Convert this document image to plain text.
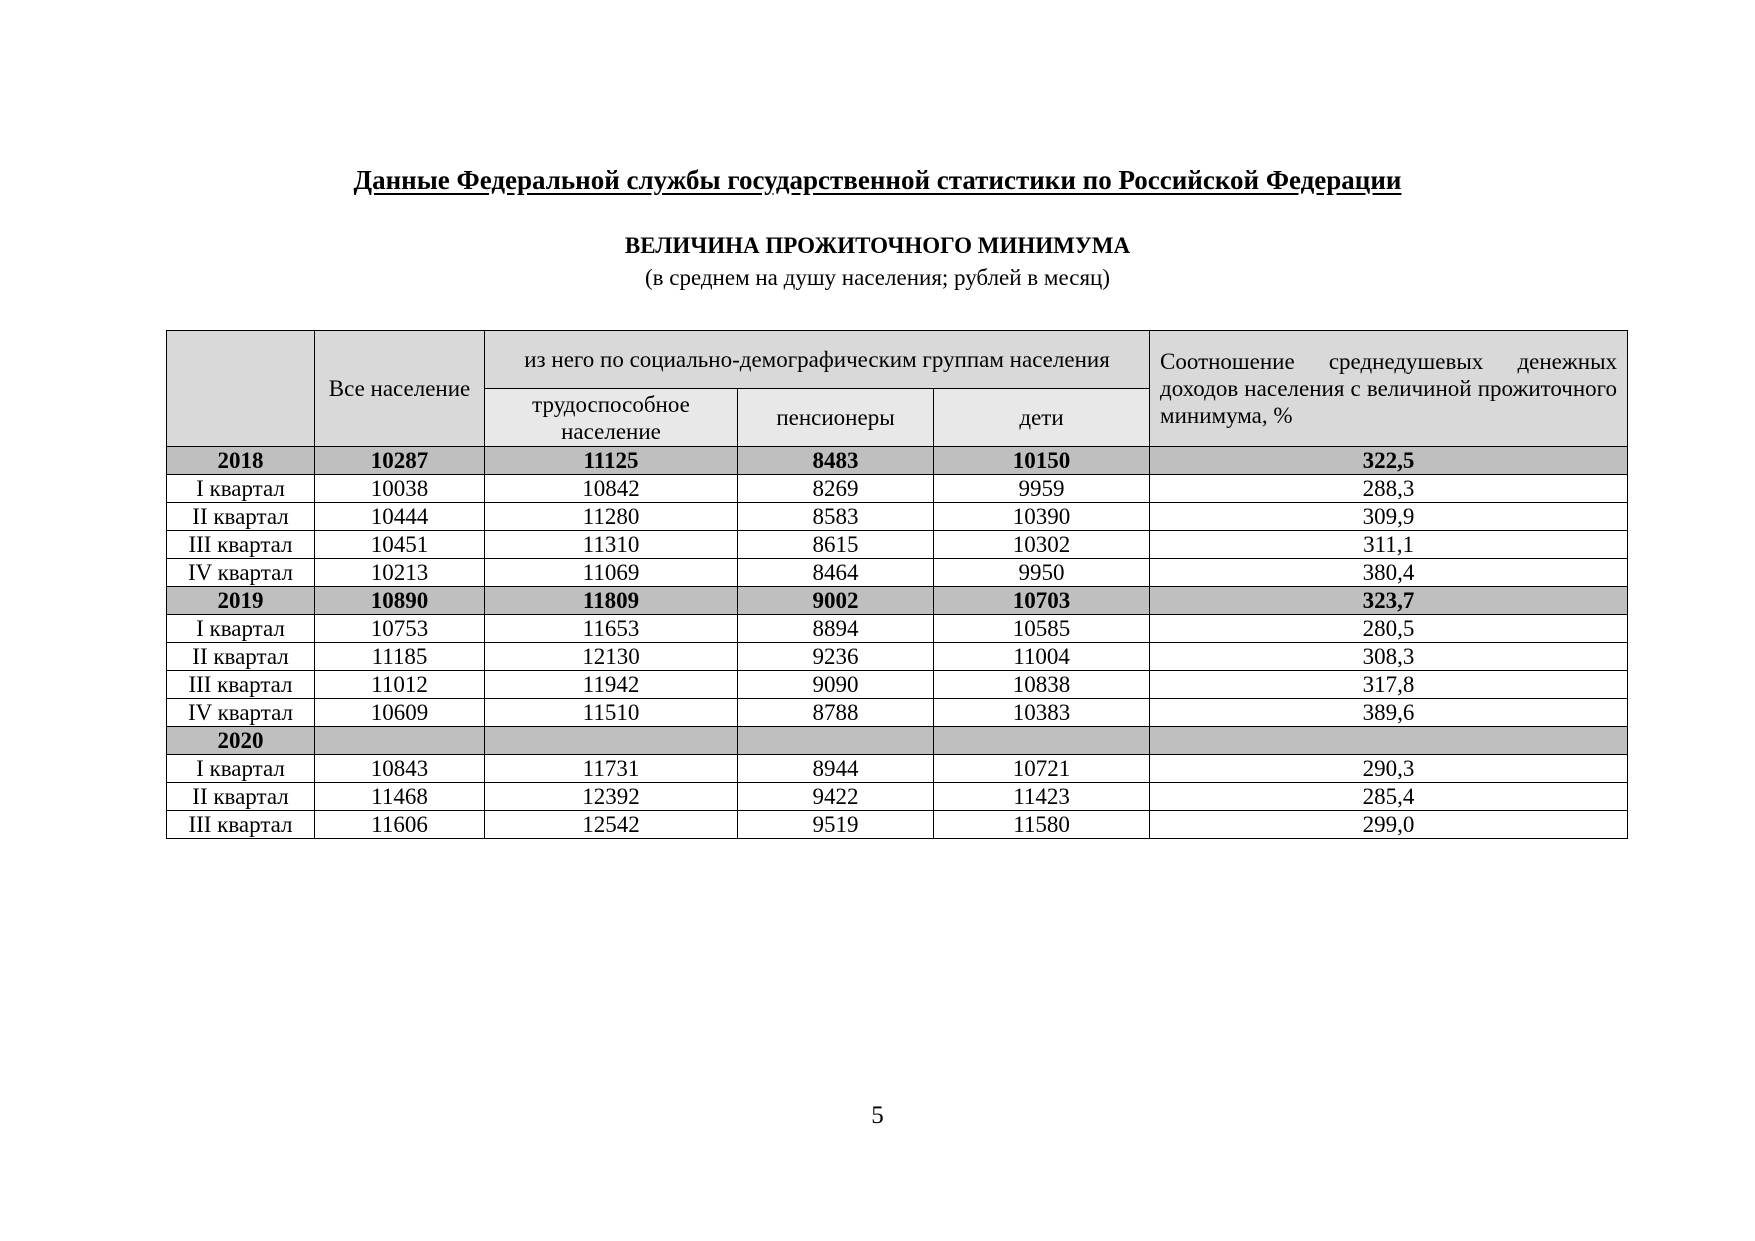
Данные Федеральной службы государственной статистики по Российской Федерации
ВЕЛИЧИНА ПРОЖИТОЧНОГО МИНИМУМА
(в среднем на душу населения; рублей в месяц)
	Все население	из него по социально-демографическим группам населения			Соотношение среднедушевых денежных доходов населения с величиной прожиточного минимума, %
		трудоспособное население	пенсионеры	дети	
2018	10287	11125	8483	10150	322,5
I квартал	10038	10842	8269	9959	288,3
II квартал	10444	11280	8583	10390	309,9
III квартал	10451	11310	8615	10302	311,1
IV квартал	10213	11069	8464	9950	380,4
2019	10890	11809	9002	10703	323,7
I квартал	10753	11653	8894	10585	280,5
II квартал	11185	12130	9236	11004	308,3
III квартал	11012	11942	9090	10838	317,8
IV квартал	10609	11510	8788	10383	389,6
2020					
I квартал	10843	11731	8944	10721	290,3
II квартал	11468	12392	9422	11423	285,4
III квартал	11606	12542	9519	11580	299,0
5
